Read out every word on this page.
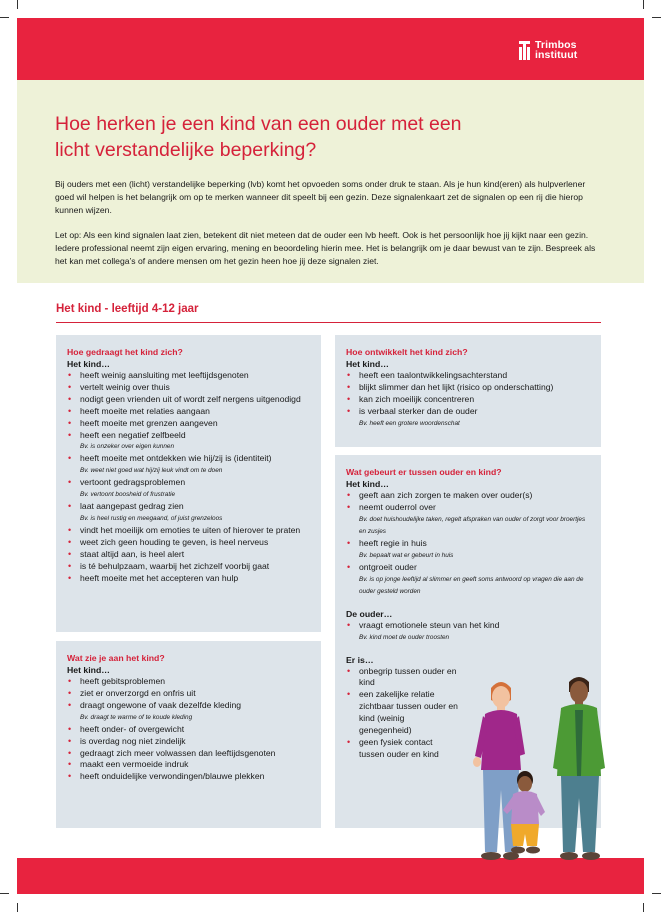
Trimbos
instituut
Hoe herken je een kind van een ouder met een
licht verstandelijke beperking?

Bij ouders met een (licht) verstandelijke beperking (lvb) komt het opvoeden soms onder druk te staan. Als je hun kind(eren) als hulpverlener goed wil helpen is het belangrijk om op te merken wanneer dit speelt bij een gezin. Deze signalenkaart zet de signalen op een rij die hierop kunnen wijzen.

Let op: Als een kind signalen laat zien, betekent dit niet meteen dat de ouder een lvb heeft. Ook is het persoonlijk hoe jij kijkt naar een gezin. Iedere professional neemt zijn eigen ervaring, mening en beoordeling hierin mee. Het is belangrijk om je daar bewust van te zijn. Bespreek als het kan met collega’s of andere mensen om het gezin heen hoe jij deze signalen ziet.

Het kind - leeftijd 4-12 jaar
Hoe gedraagt het kind zich?
Het kind…
• heeft weinig aansluiting met leeftijdsgenoten
• vertelt weinig over thuis
• nodigt geen vrienden uit of wordt zelf nergens uitgenodigd
• heeft moeite met relaties aangaan
• heeft moeite met grenzen aangeven
• heeft een negatief zelfbeeld
Bv. is onzeker over eigen kunnen
• heeft moeite met ontdekken wie hij/zij is (identiteit)
Bv. weet niet goed wat hij/zij leuk vindt om te doen
• vertoont gedragsproblemen
Bv. vertoont boosheid of frustratie
• laat aangepast gedrag zien
Bv. is heel rustig en meegaand, of juist grenzeloos
• vindt het moeilijk om emoties te uiten of hierover te praten
• weet zich geen houding te geven, is heel nerveus
• staat altijd aan, is heel alert
• is té behulpzaam, waarbij het zichzelf voorbij gaat
• heeft moeite met het accepteren van hulp
Wat zie je aan het kind?
Het kind…
• heeft gebitsproblemen
• ziet er onverzorgd en onfris uit
• draagt ongewone of vaak dezelfde kleding
Bv. draagt te warme of te koude kleding
• heeft onder- of overgewicht
• is overdag nog niet zindelijk
• gedraagt zich meer volwassen dan leeftijdsgenoten
• maakt een vermoeide indruk
• heeft onduidelijke verwondingen/blauwe plekken
Hoe ontwikkelt het kind zich?
Het kind…
• heeft een taalontwikkelingsachterstand
• blijkt slimmer dan het lijkt (risico op onderschatting)
• kan zich moeilijk concentreren
• is verbaal sterker dan de ouder
Bv. heeft een grotere woordenschat
Wat gebeurt er tussen ouder en kind?
Het kind…
• geeft aan zich zorgen te maken over ouder(s)
• neemt ouderrol over
Bv. doet huishoudelijke taken, regelt afspraken van ouder of zorgt voor broertjes en zusjes
• heeft regie in huis
Bv. bepaalt wat er gebeurt in huis
• ontgroeit ouder
Bv. is op jonge leeftijd al slimmer en geeft soms antwoord op vragen die aan de ouder gesteld worden
De ouder…
• vraagt emotionele steun van het kind
Bv. kind moet de ouder troosten
Er is…
• onbegrip tussen ouder en kind
• een zakelijke relatie zichtbaar tussen ouder en kind (weinig genegenheid)
• geen fysiek contact tussen ouder en kind
